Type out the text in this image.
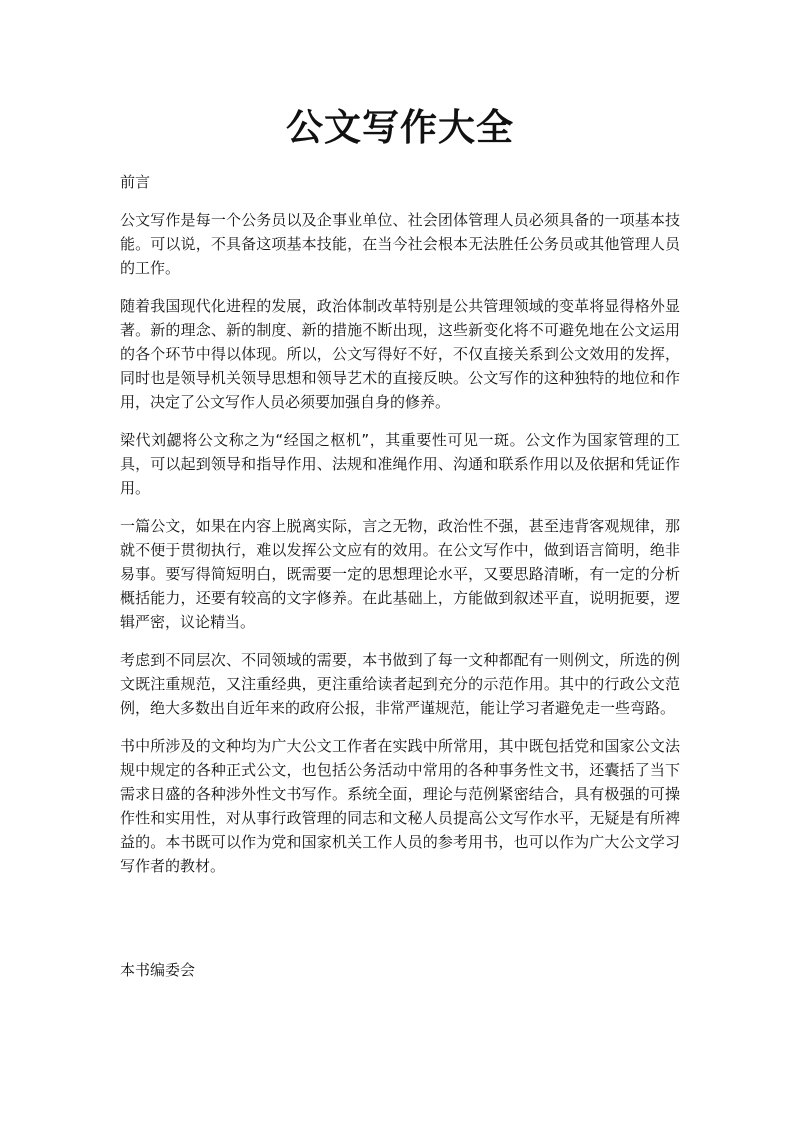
公文写作大全

前言

公文写作是每一个公务员以及企事业单位、社会团体管理人员必须具备的一项基本技能。可以说，不具备这项基本技能，在当今社会根本无法胜任公务员或其他管理人员的工作。

随着我国现代化进程的发展，政治体制改革特别是公共管理领域的变革将显得格外显著。新的理念、新的制度、新的措施不断出现，这些新变化将不可避免地在公文运用的各个环节中得以体现。所以，公文写得好不好，不仅直接关系到公文效用的发挥，同时也是领导机关领导思想和领导艺术的直接反映。公文写作的这种独特的地位和作用，决定了公文写作人员必须要加强自身的修养。

梁代刘勰将公文称之为“经国之枢机”，其重要性可见一斑。公文作为国家管理的工具，可以起到领导和指导作用、法规和准绳作用、沟通和联系作用以及依据和凭证作用。

一篇公文，如果在内容上脱离实际，言之无物，政治性不强，甚至违背客观规律，那就不便于贯彻执行，难以发挥公文应有的效用。在公文写作中，做到语言简明，绝非易事。要写得简短明白，既需要一定的思想理论水平，又要思路清晰，有一定的分析概括能力，还要有较高的文字修养。在此基础上，方能做到叙述平直，说明扼要，逻辑严密，议论精当。

考虑到不同层次、不同领域的需要，本书做到了每一文种都配有一则例文，所选的例文既注重规范，又注重经典，更注重给读者起到充分的示范作用。其中的行政公文范例，绝大多数出自近年来的政府公报，非常严谨规范，能让学习者避免走一些弯路。

书中所涉及的文种均为广大公文工作者在实践中所常用，其中既包括党和国家公文法规中规定的各种正式公文，也包括公务活动中常用的各种事务性文书，还囊括了当下需求日盛的各种涉外性文书写作。系统全面，理论与范例紧密结合，具有极强的可操作性和实用性，对从事行政管理的同志和文秘人员提高公文写作水平，无疑是有所裨益的。本书既可以作为党和国家机关工作人员的参考用书，也可以作为广大公文学习写作者的教材。

本书编委会
